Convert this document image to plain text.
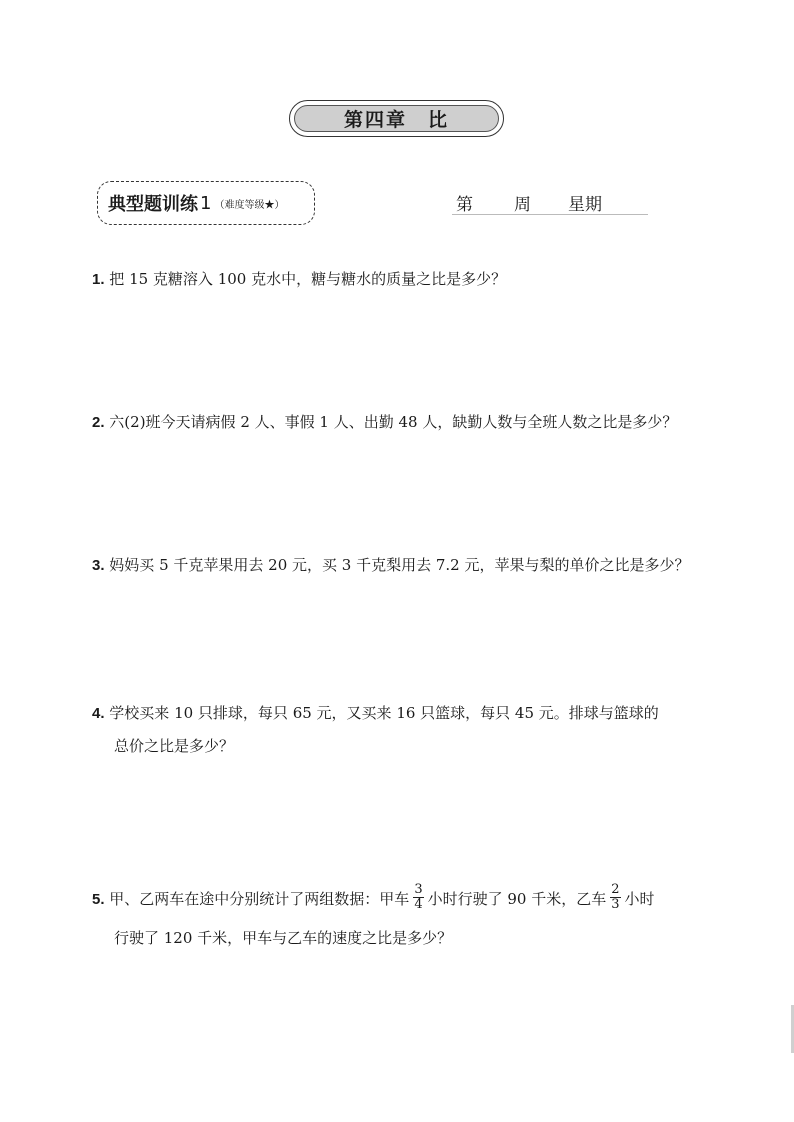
第四章　比
典型题训练 1 （难度等级★）	第 周 星期
1. 把 15 克糖溶入 100 克水中，糖与糖水的质量之比是多少？
2. 六(2)班今天请病假 2 人、事假 1 人、出勤 48 人，缺勤人数与全班人数之比是多少？
3. 妈妈买 5 千克苹果用去 20 元，买 3 千克梨用去 7.2 元，苹果与梨的单价之比是多少？
4. 学校买来 10 只排球，每只 65 元，又买来 16 只篮球，每只 45 元。排球与篮球的
总价之比是多少？
5. 甲、乙两车在途中分别统计了两组数据：甲车 $\frac{3}{4}$ 小时行驶了 90 千米，乙车 $\frac{2}{3}$ 小时
行驶了 120 千米，甲车与乙车的速度之比是多少？
